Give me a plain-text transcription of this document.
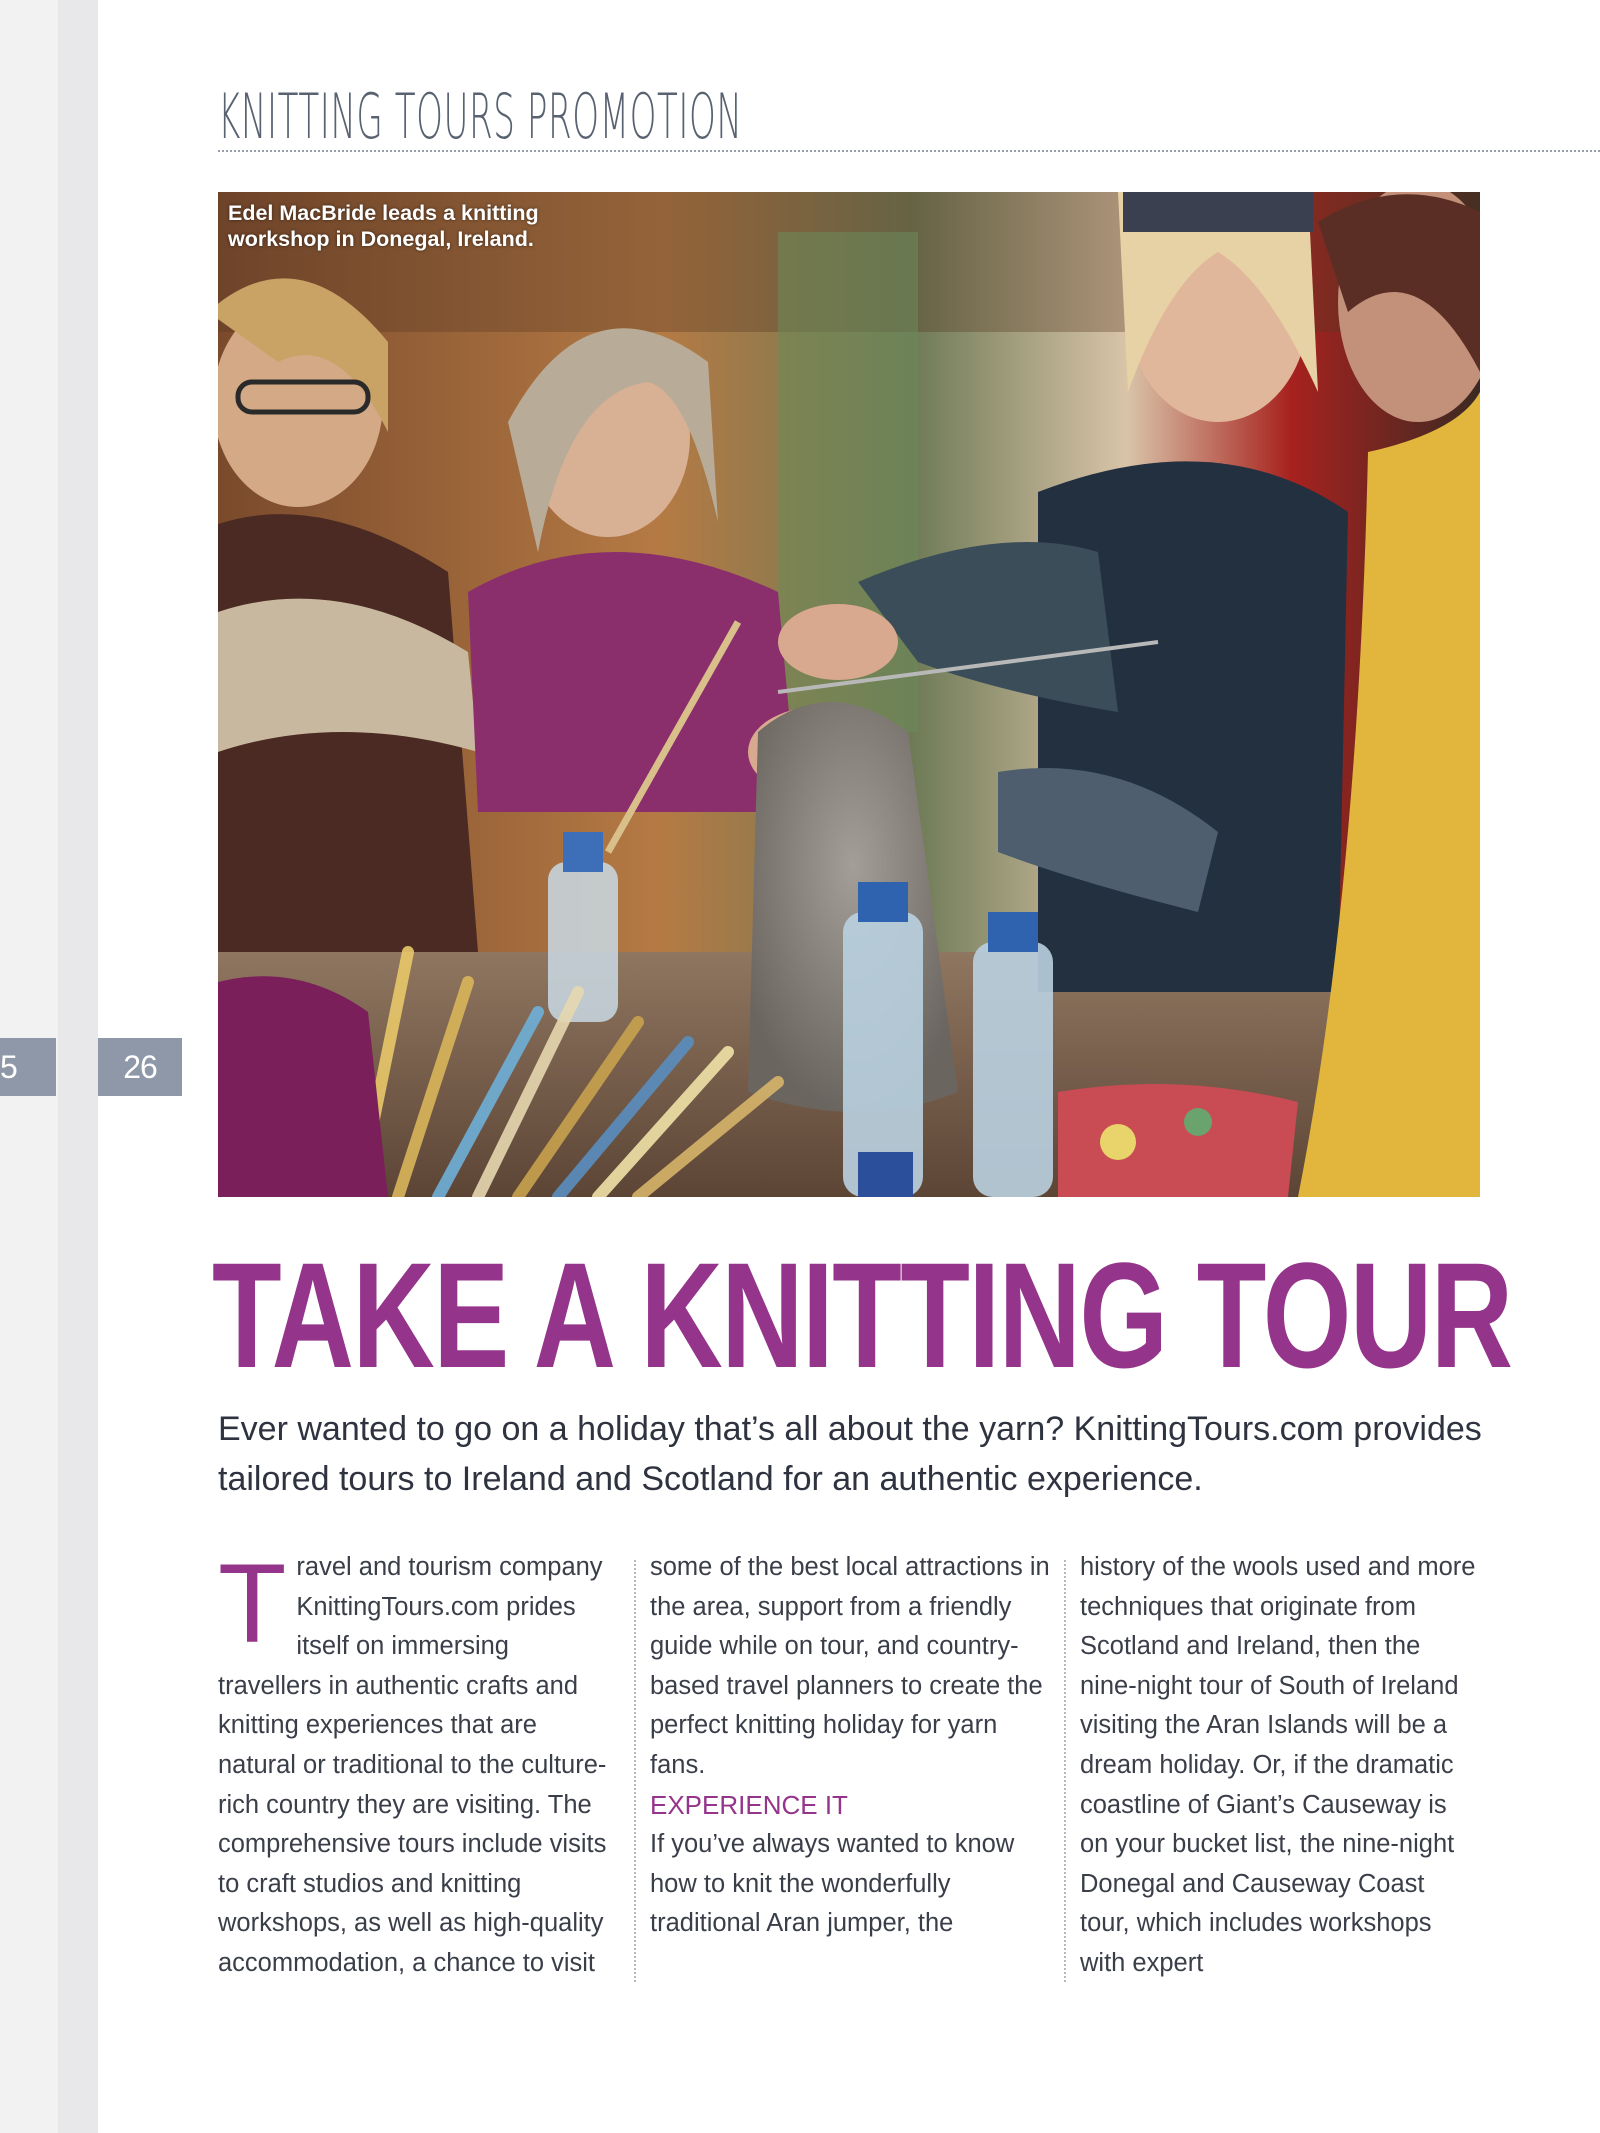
5	26
KNITTING TOURS PROMOTION
Edel MacBride leads a knitting workshop in Donegal, Ireland.
TAKE A KNITTING TOUR
Ever wanted to go on a holiday that’s all about the yarn? KnittingTours.com provides tailored tours to Ireland and Scotland for an authentic experience.
T ravel and tourism company KnittingTours.com prides itself on immersing travellers in authentic crafts and knitting experiences that are natural or traditional to the culture-rich country they are visiting. The comprehensive tours include visits to craft studios and knitting workshops, as well as high-quality accommodation, a chance to visit

some of the best local attractions in the area, support from a friendly guide while on tour, and country-based travel planners to create the perfect knitting holiday for yarn fans.

EXPERIENCE IT

If you’ve always wanted to know how to knit the wonderfully traditional Aran jumper, the

history of the wools used and more techniques that originate from Scotland and Ireland, then the nine-night tour of South of Ireland visiting the Aran Islands will be a dream holiday. Or, if the dramatic coastline of Giant’s Causeway is on your bucket list, the nine-night Donegal and Causeway Coast tour, which includes workshops with expert
